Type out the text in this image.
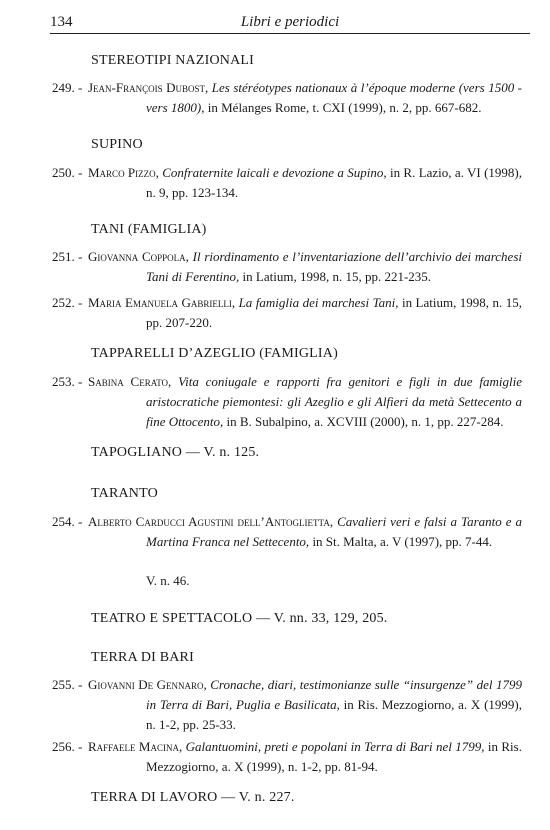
134	Libri e periodici
STEREOTIPI NAZIONALI
249. - Jean-François Dubost, Les stéréotypes nationaux à l’époque moderne (vers 1500 - vers 1800), in Mélanges Rome, t. CXI (1999), n. 2, pp. 667-682.
SUPINO
250. - Marco Pizzo, Confraternite laicali e devozione a Supino, in R. Lazio, a. VI (1998), n. 9, pp. 123-134.
TANI (FAMIGLIA)
251. - Giovanna Coppola, Il riordinamento e l’inventariazione dell’archivio dei marchesi Tani di Ferentino, in Latium, 1998, n. 15, pp. 221-235.
252. - Maria Emanuela Gabrielli, La famiglia dei marchesi Tani, in Latium, 1998, n. 15, pp. 207-220.
TAPPARELLI D’AZEGLIO (FAMIGLIA)
253. - Sabina Cerato, Vita coniugale e rapporti fra genitori e figli in due famiglie aristocratiche piemontesi: gli Azeglio e gli Alfieri da metà Settecento a fine Ottocento, in B. Subalpino, a. XCVIII (2000), n. 1, pp. 227-284.
TAPOGLIANO — V. n. 125.
TARANTO
254. - Alberto Carducci Agustini dell’Antoglietta, Cavalieri veri e falsi a Taranto e a Martina Franca nel Settecento, in St. Malta, a. V (1997), pp. 7-44.
V. n. 46.
TEATRO E SPETTACOLO — V. nn. 33, 129, 205.
TERRA DI BARI
255. - Giovanni De Gennaro, Cronache, diari, testimonianze sulle “insurgenze” del 1799 in Terra di Bari, Puglia e Basilicata, in Ris. Mezzogiorno, a. X (1999), n. 1-2, pp. 25-33.
256. - Raffaele Macina, Galantuomini, preti e popolani in Terra di Bari nel 1799, in Ris. Mezzogiorno, a. X (1999), n. 1-2, pp. 81-94.
TERRA DI LAVORO — V. n. 227.
